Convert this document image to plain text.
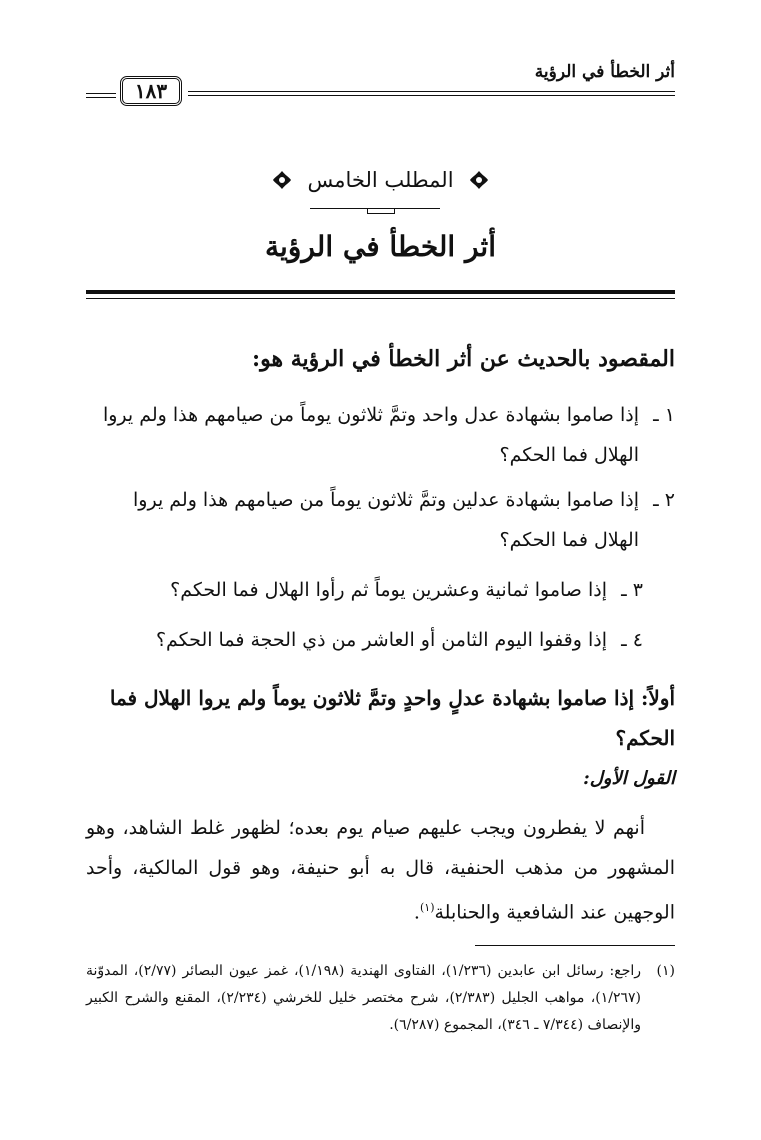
أثر الخطأ في الرؤية
١٨٣
المطلب الخامس
أثر الخطأ في الرؤية
المقصود بالحديث عن أثر الخطأ في الرؤية هو:
١ ـ
إذا صاموا بشهادة عدل واحد وتمَّ ثلاثون يوماً من صيامهم هذا ولم يروا الهلال فما الحكم؟
٢ ـ
إذا صاموا بشهادة عدلين وتمَّ ثلاثون يوماً من صيامهم هذا ولم يروا الهلال فما الحكم؟
٣ ـ
إذا صاموا ثمانية وعشرين يوماً ثم رأوا الهلال فما الحكم؟
٤ ـ
إذا وقفوا اليوم الثامن أو العاشر من ذي الحجة فما الحكم؟
أولاً: إذا صاموا بشهادة عدلٍ واحدٍ وتمَّ ثلاثون يوماً ولم يروا الهلال فما الحكم؟
القول الأول:
أنهم لا يفطرون ويجب عليهم صيام يوم بعده؛ لظهور غلط الشاهد، وهو المشهور من مذهب الحنفية، قال به أبو حنيفة، وهو قول المالكية، وأحد الوجهين عند الشافعية والحنابلة$^{(١)}$.
(١)
راجع: رسائل ابن عابدين (١/٢٣٦)، الفتاوى الهندية (١/١٩٨)، غمز عيون البصائر (٢/٧٧)، المدوّنة (١/٢٦٧)، مواهب الجليل (٢/٣٨٣)، شرح مختصر خليل للخرشي (٢/٢٣٤)، المقنع والشرح الكبير والإنصاف (٧/٣٤٤ ـ ٣٤٦)، المجموع (٦/٢٨٧).
